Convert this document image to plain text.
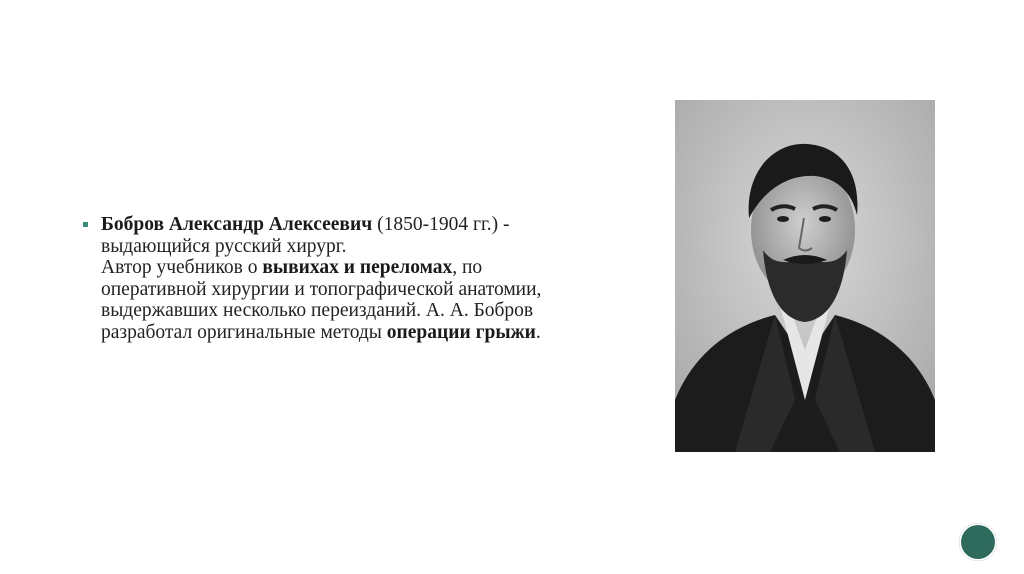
Бобров Александр Алексеевич (1850-1904 гг.) -
выдающийся русский хирург.
Автор учебников о вывихах и переломах, по
оперативной хирургии и топографической анатомии,
выдержавших несколько переизданий. А. А. Бобров
разработал оригинальные методы операции грыжи.
